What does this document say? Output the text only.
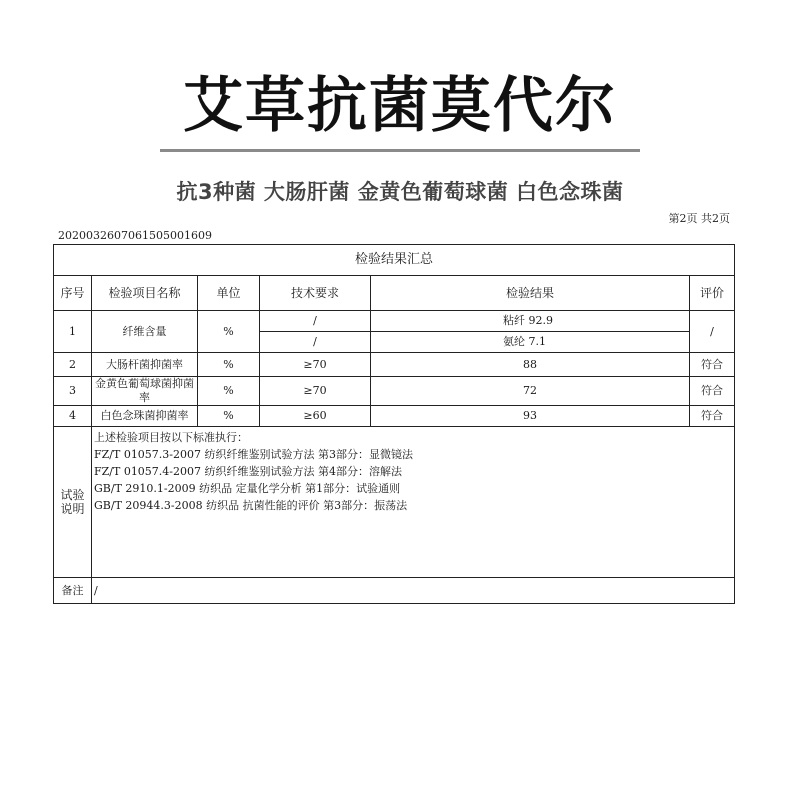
艾草抗菌莫代尔
抗3种菌 大肠肝菌 金黄色葡萄球菌 白色念珠菌
第2页 共2页
20200326070615050016​09
检验结果汇总					
序号	检验项目名称	单位	技术要求	检验结果	评价
1	纤维含量	%	/	粘纤 92.9	/
			/	氨纶 7.1	
2	大肠杆菌抑菌率	%	≥70	88	符合
3	金黄色葡萄球菌抑菌率	%	≥70	72	符合
4	白色念珠菌抑菌率	%	≥60	93	符合
试验说明	上述检验项目按以下标准执行：
FZ/T 01057.3-2007 纺织纤维鉴别试验方法 第3部分：显微镜法
FZ/T 01057.4-2007 纺织纤维鉴别试验方法 第4部分：溶解法
GB/T 2910.1-2009 纺织品 定量化学分析 第1部分：试验通则
GB/T 20944.3-2008 纺织品 抗菌性能的评价 第3部分：振荡法				

备注	/				
